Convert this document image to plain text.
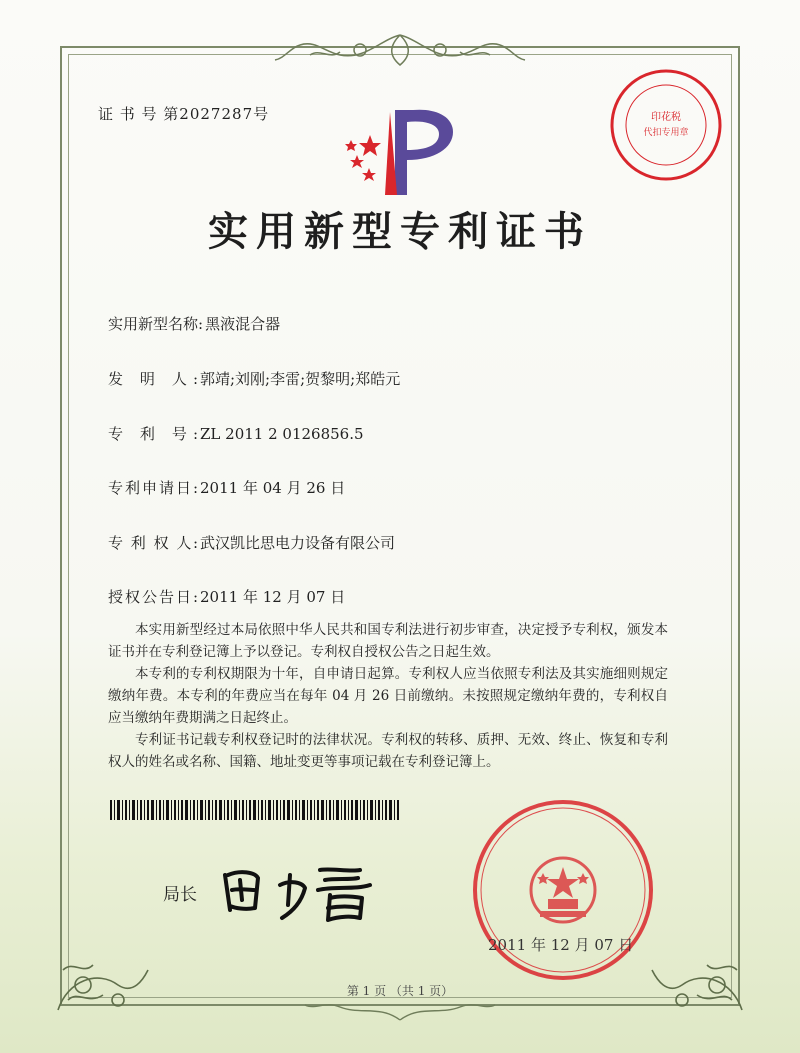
证 书 号 第2027287号	印花税
代扣专用章
实用新型专利证书
实用新型名称: 黑液混合器
发 明 人: 郭靖;刘刚;李雷;贺黎明;郑皓元
专 利 号: ZL 2011 2 0126856.5
专利申请日: 2011 年 04 月 26 日
专 利 权 人: 武汉凯比思电力设备有限公司
授权公告日: 2011 年 12 月 07 日

本实用新型经过本局依照中华人民共和国专利法进行初步审查，决定授予专利权，颁发本证书并在专利登记簿上予以登记。专利权自授权公告之日起生效。

本专利的专利权期限为十年，自申请日起算。专利权人应当依照专利法及其实施细则规定缴纳年费。本专利的年费应当在每年 04 月 26 日前缴纳。未按照规定缴纳年费的，专利权自应当缴纳年费期满之日起终止。

专利证书记载专利权登记时的法律状况。专利权的转移、质押、无效、终止、恢复和专利权人的姓名或名称、国籍、地址变更等事项记载在专利登记簿上。

局长
2011 年 12 月 07 日
第 1 页 （共 1 页）
